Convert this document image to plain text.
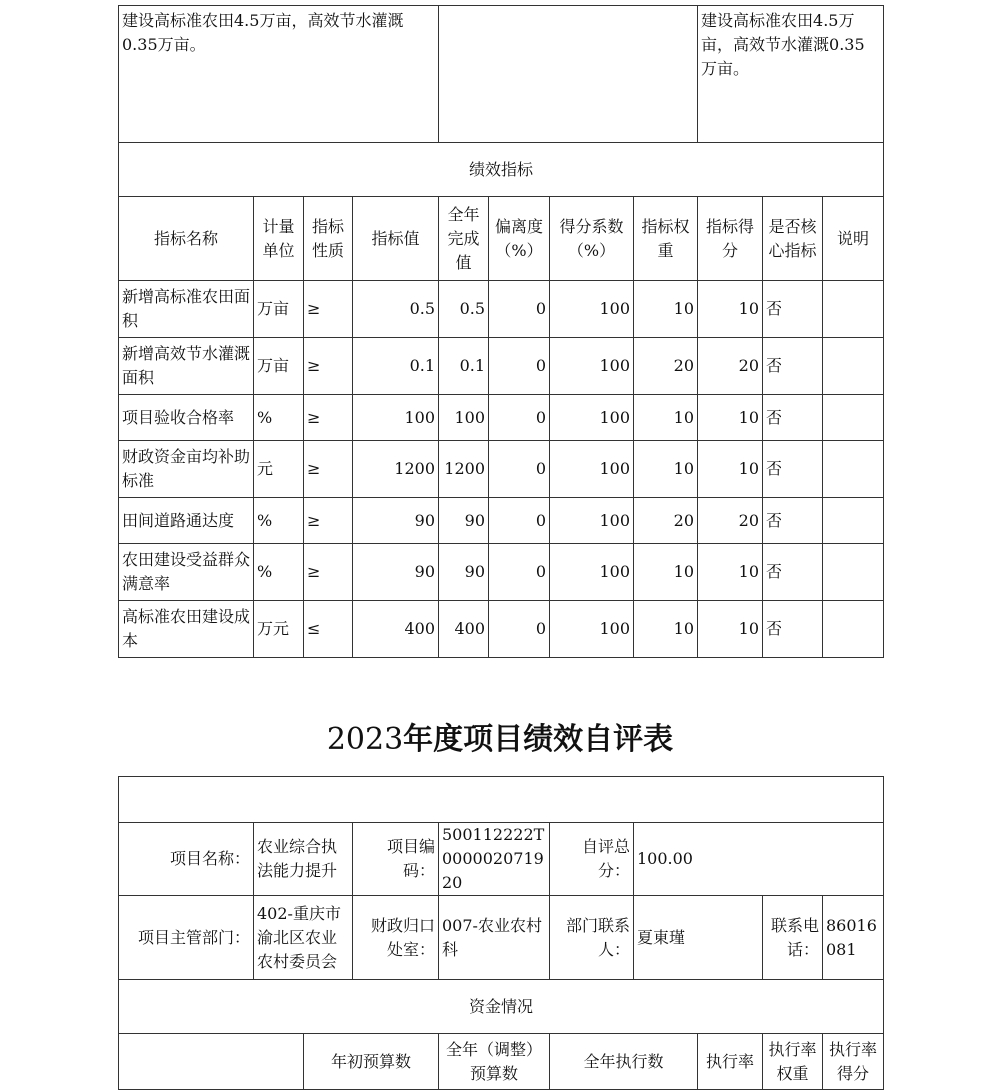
建设高标准农田4.5万亩，高效节水灌溉0.35万亩。								建设高标准农田4.5万亩，高效节水灌溉0.35万亩。		
绩效指标										
指标名称	计量单位	指标性质	指标值	全年完成值	偏离度（%）	得分系数（%）	指标权重	指标得分	是否核心指标	说明
新增高标准农田面积	万亩	≥	0.5	0.5	0	100	10	10	否	
新增高效节水灌溉面积	万亩	≥	0.1	0.1	0	100	20	20	否	
项目验收合格率	%	≥	100	100	0	100	10	10	否	
财政资金亩均补助标准	元	≥	1200	1200	0	100	10	10	否	
田间道路通达度	%	≥	90	90	0	100	20	20	否	
农田建设受益群众满意率	%	≥	90	90	0	100	10	10	否	
高标准农田建设成本	万元	≤	400	400	0	100	10	10	否	
2023年度项目绩效自评表

项目名称：	农业综合执法能力提升		项目编码：	500112222T000002071920	自评总分：	100.00			
项目主管部门：	402-重庆市渝北区农业农村委员会		财政归口处室：	007-农业农村科	部门联系人：	夏東瑾		联系电话：	86016081
资金情况									
		年初预算数		全年（调整）预算数	全年执行数		执行率	执行率权重	执行率得分
